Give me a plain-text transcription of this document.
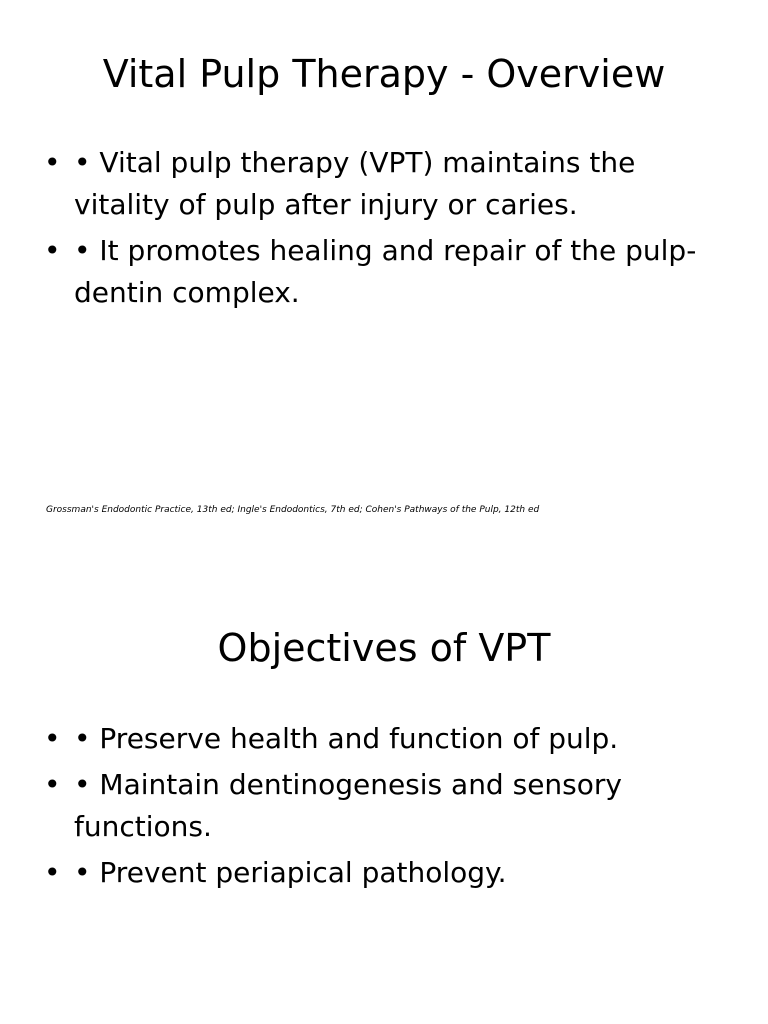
Vital Pulp Therapy - Overview
• • Vital pulp therapy (VPT) maintains the vitality of pulp after injury or caries.
• • It promotes healing and repair of the pulp-dentin complex.
Grossman's Endodontic Practice, 13th ed; Ingle's Endodontics, 7th ed; Cohen's Pathways of the Pulp, 12th ed
Objectives of VPT
• • Preserve health and function of pulp.
• • Maintain dentinogenesis and sensory functions.
• • Prevent periapical pathology.
